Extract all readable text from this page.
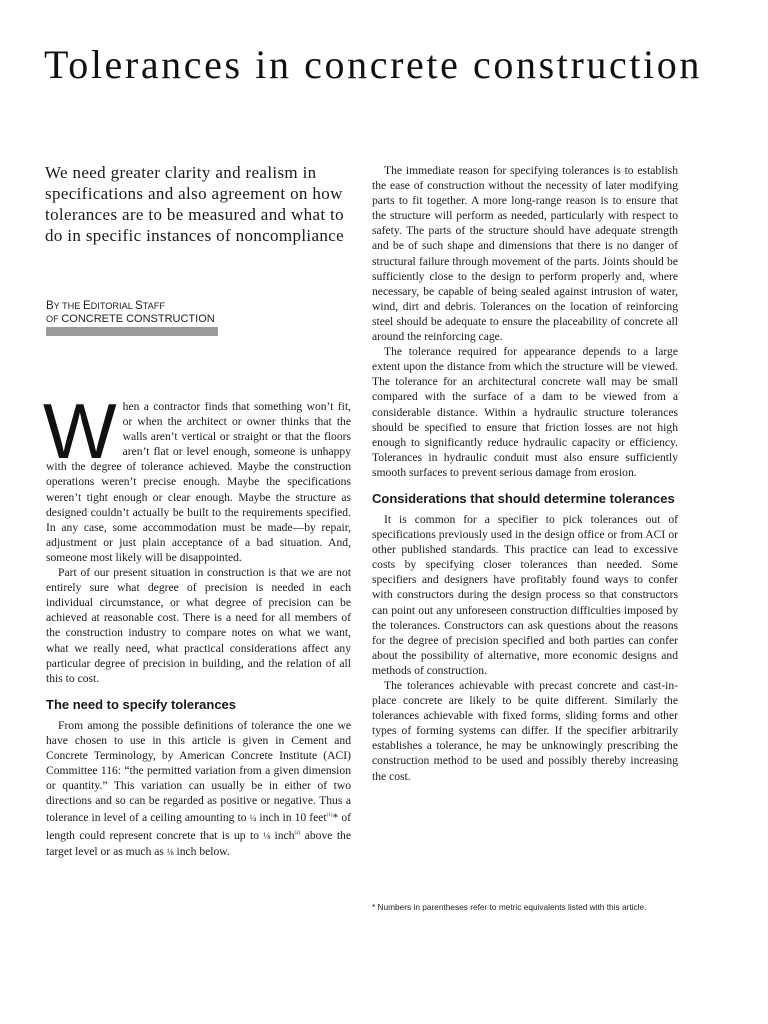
Tolerances in concrete construction
We need greater clarity and realism in specifications and also agreement on how tolerances are to be measured and what to do in specific instances of noncompliance
BY THE EDITORIAL STAFF
OF CONCRETE CONSTRUCTION

When a contractor finds that something won’t fit, or when the architect or owner thinks that the walls aren’t vertical or straight or that the floors aren’t flat or level enough, someone is unhappy with the degree of tolerance achieved. Maybe the construction operations weren’t precise enough. Maybe the specifications weren’t tight enough or clear enough. Maybe the structure as designed couldn’t actually be built to the requirements specified. In any case, some accommodation must be made—by repair, adjustment or just plain acceptance of a bad situation. And, someone most likely will be disappointed.

Part of our present situation in construction is that we are not entirely sure what degree of precision is needed in each individual circumstance, or what degree of precision can be achieved at reasonable cost. There is a need for all members of the construction industry to compare notes on what we want, what we really need, what practical considerations affect any particular degree of precision in building, and the relation of all this to cost.

The need to specify tolerances

From among the possible definitions of tolerance the one we have chosen to use in this article is given in Cement and Concrete Terminology, by American Concrete Institute (ACI) Committee 116: “the permitted variation from a given dimension or quantity.” This variation can usually be in either of two directions and so can be regarded as positive or negative. Thus a tolerance in level of a ceiling amounting to ¼ inch in 10 feet$^{(1)}$* of length could represent concrete that is up to ⅛ inch$^{(2)}$ above the target level or as much as ⅛ inch below.

The immediate reason for specifying tolerances is to establish the ease of construction without the necessity of later modifying parts to fit together. A more long-range reason is to ensure that the structure will perform as needed, particularly with respect to safety. The parts of the structure should have adequate strength and be of such shape and dimensions that there is no danger of structural failure through movement of the parts. Joints should be sufficiently close to the design to perform properly and, where necessary, be capable of being sealed against intrusion of water, wind, dirt and debris. Tolerances on the location of reinforcing steel should be adequate to ensure the placeability of concrete all around the reinforcing cage.

The tolerance required for appearance depends to a large extent upon the distance from which the structure will be viewed. The tolerance for an architectural concrete wall may be small compared with the surface of a dam to be viewed from a considerable distance. Within a hydraulic structure tolerances should be specified to ensure that friction losses are not high enough to significantly reduce hydraulic capacity or efficiency. Tolerances in hydraulic conduit must also ensure sufficiently smooth surfaces to prevent serious damage from erosion.

Considerations that should determine tolerances

It is common for a specifier to pick tolerances out of specifications previously used in the design office or from ACI or other published standards. This practice can lead to excessive costs by specifying closer tolerances than needed. Some specifiers and designers have profitably found ways to confer with constructors during the design process so that constructors can point out any unforeseen construction difficulties imposed by the tolerances. Constructors can ask questions about the reasons for the degree of precision specified and both parties can confer about the possibility of alternative, more economic designs and methods of construction.

The tolerances achievable with precast concrete and cast-in-place concrete are likely to be quite different. Similarly the tolerances achievable with fixed forms, sliding forms and other types of forming systems can differ. If the specifier arbitrarily establishes a tolerance, he may be unknowingly prescribing the construction method to be used and possibly thereby increasing the cost.

* Numbers in parentheses refer to metric equivalents listed with this article.
